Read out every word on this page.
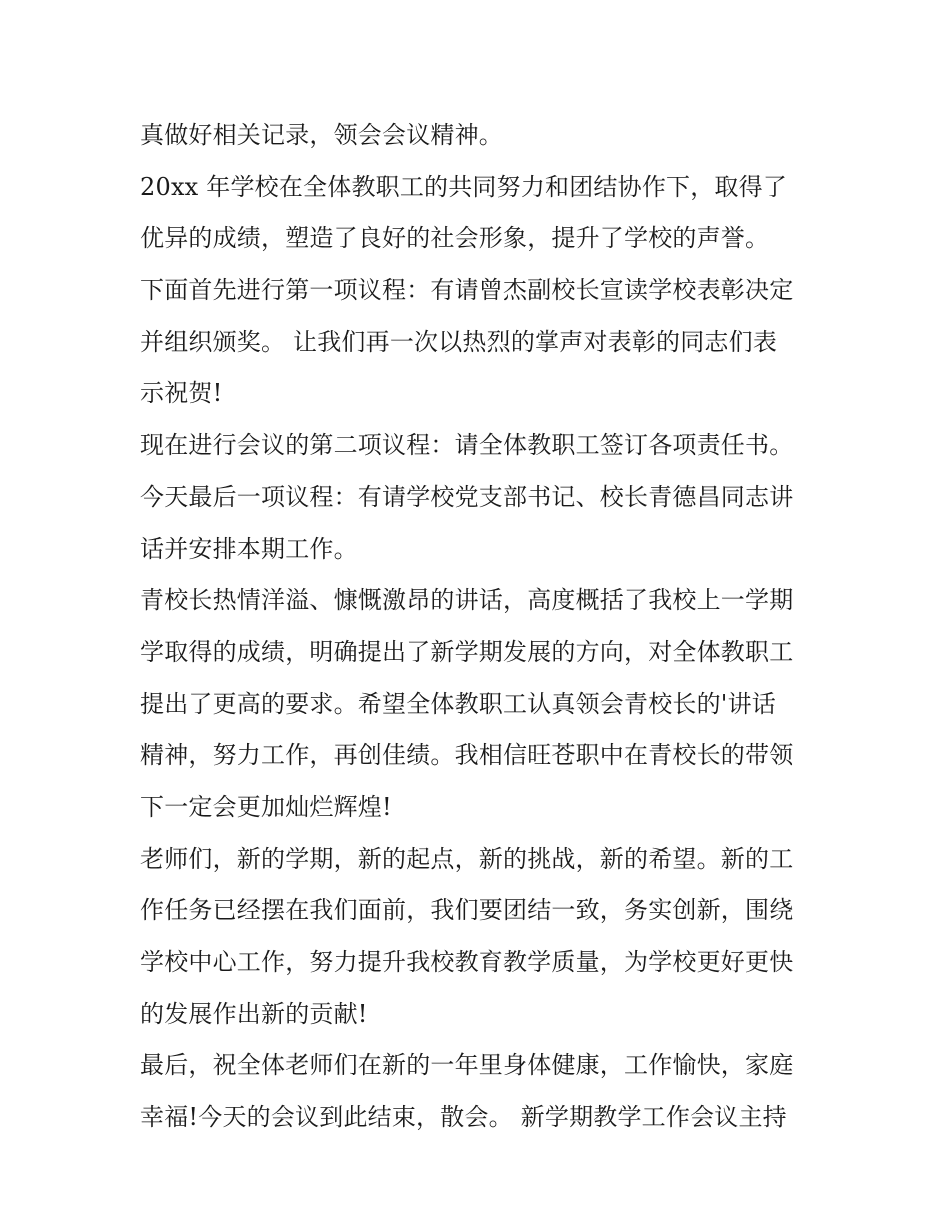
真做好相关记录，领会会议精神。
20xx 年学校在全体教职工的共同努力和团结协作下，取得了
优异的成绩，塑造了良好的社会形象，提升了学校的声誉。
下面首先进行第一项议程：有请曾杰副校长宣读学校表彰决定
并组织颁奖。 让我们再一次以热烈的掌声对表彰的同志们表
示祝贺!
现在进行会议的第二项议程：请全体教职工签订各项责任书。
今天最后一项议程：有请学校党支部书记、校长青德昌同志讲
话并安排本期工作。
青校长热情洋溢、慷慨激昂的讲话，高度概括了我校上一学期
学取得的成绩，明确提出了新学期发展的方向，对全体教职工
提出了更高的要求。希望全体教职工认真领会青校长的'讲话
精神，努力工作，再创佳绩。我相信旺苍职中在青校长的带领
下一定会更加灿烂辉煌!
老师们，新的学期，新的起点，新的挑战，新的希望。新的工
作任务已经摆在我们面前，我们要团结一致，务实创新，围绕
学校中心工作，努力提升我校教育教学质量，为学校更好更快
的发展作出新的贡献!
最后，祝全体老师们在新的一年里身体健康，工作愉快，家庭
幸福!今天的会议到此结束，散会。 新学期教学工作会议主持
